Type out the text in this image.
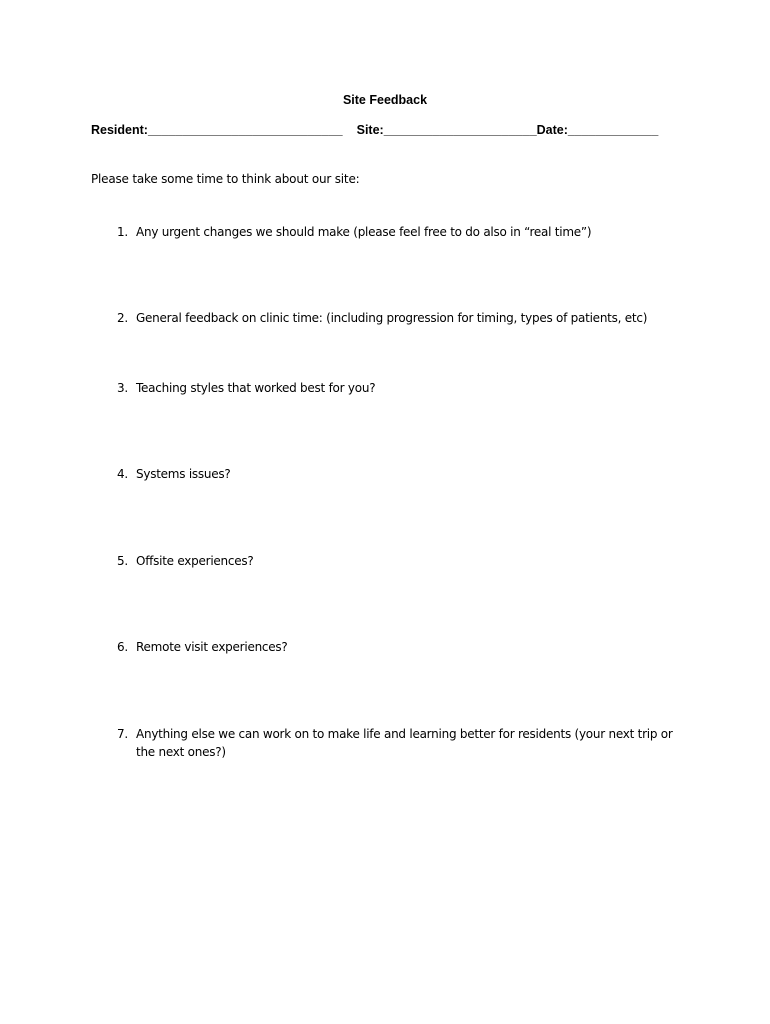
Site Feedback
Resident:____________________________ Site:______________________Date:_____________
Please take some time to think about our site:
1. Any urgent changes we should make (please feel free to do also in “real time”)
2. General feedback on clinic time: (including progression for timing, types of patients, etc)
3. Teaching styles that worked best for you?
4. Systems issues?
5. Offsite experiences?
6. Remote visit experiences?
7. Anything else we can work on to make life and learning better for residents (your next trip or the next ones?)
